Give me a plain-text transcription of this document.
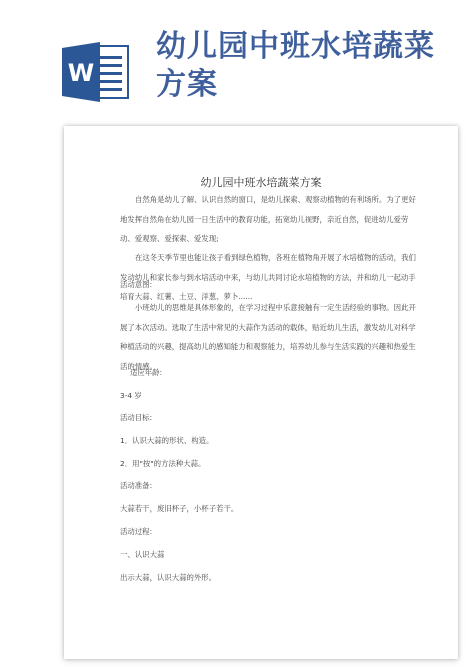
W
幼儿园中班水培蔬菜方案
幼儿园中班水培蔬菜方案

自然角是幼儿了解、认识自然的窗口，是幼儿探索、观察动植物的有利场所。为了更好地发挥自然角在幼儿园一日生活中的教育功能，拓宽幼儿视野，亲近自然，促进幼儿爱劳动、爱观察、爱探索、爱发现;

在这冬天季节里也能让孩子看到绿色植物，各班在植物角开展了水培植物的活动，我们发动幼儿和家长参与到水培活动中来，与幼儿共同讨论水培植物的方法，并和幼儿一起动手培育大蒜、红薯、土豆、洋葱、萝卜......

活动意图:

小班幼儿的思维是具体形象的，在学习过程中乐意接触有一定生活经验的事物。因此开展了本次活动。选取了生活中常见的大蒜作为活动的载体，贴近幼儿生活，激发幼儿对科学种植活动的兴趣，提高幼儿的感知能力和观察能力，培养幼儿参与生活实践的兴趣和热爱生活的情感。

适应年龄:
3-4 岁
活动目标:
1．认识大蒜的形状、构造。
2．用"按"的方法种大蒜。
活动准备:
大蒜若干，废旧杯子，小杯子若干。
活动过程:
一、认识大蒜
出示大蒜，认识大蒜的外形。
